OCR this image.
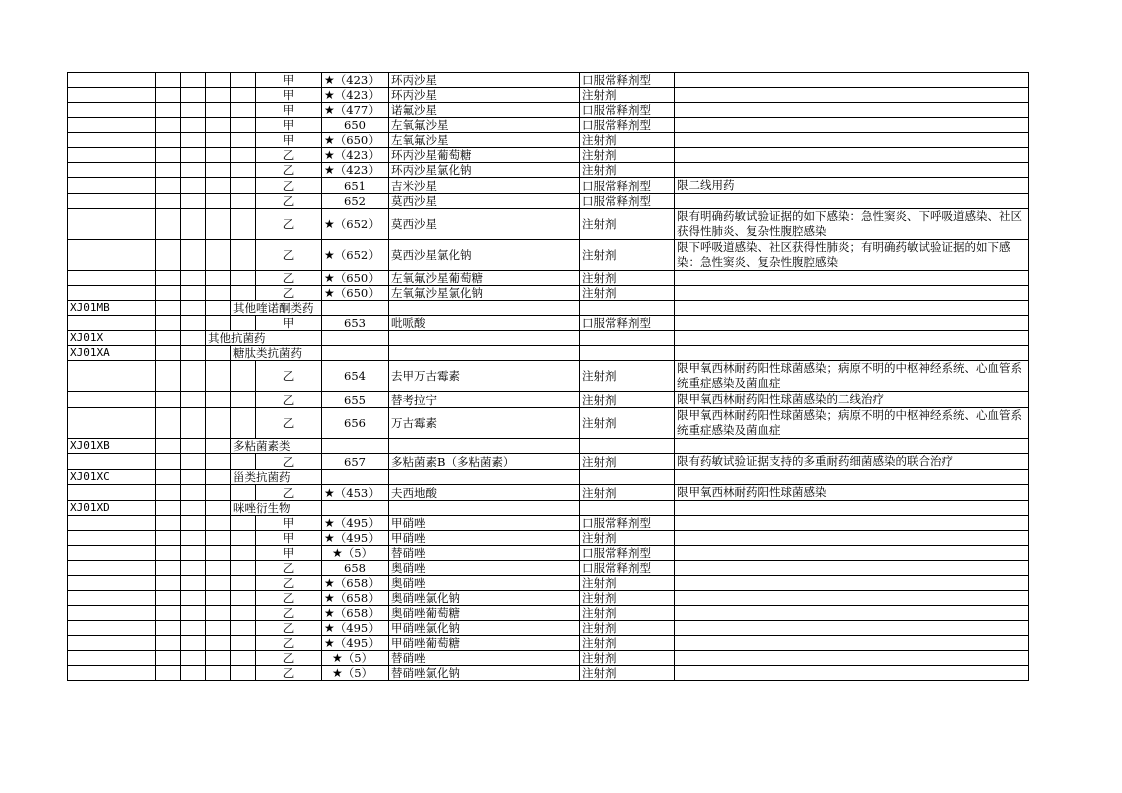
					甲	★（423）	环丙沙星	口服常释剂型	
					甲	★（423）	环丙沙星	注射剂	
					甲	★（477）	诺氟沙星	口服常释剂型	
					甲	650	左氧氟沙星	口服常释剂型	
					甲	★（650）	左氧氟沙星	注射剂	
					乙	★（423）	环丙沙星葡萄糖	注射剂	
					乙	★（423）	环丙沙星氯化钠	注射剂	
					乙	651	吉米沙星	口服常释剂型	限二线用药
					乙	652	莫西沙星	口服常释剂型	
					乙	★（652）	莫西沙星	注射剂	限有明确药敏试验证据的如下感染：急性窦炎、下呼吸道感染、社区获得性肺炎、复杂性腹腔感染
					乙	★（652）	莫西沙星氯化钠	注射剂	限下呼吸道感染、社区获得性肺炎；有明确药敏试验证据的如下感染：急性窦炎、复杂性腹腔感染
					乙	★（650）	左氧氟沙星葡萄糖	注射剂	
					乙	★（650）	左氧氟沙星氯化钠	注射剂	
XJ01MB				其他喹诺酮类药					
					甲	653	吡哌酸	口服常释剂型	
XJ01X			其他抗菌药						
XJ01XA				糖肽类抗菌药					
					乙	654	去甲万古霉素	注射剂	限甲氧西林耐药阳性球菌感染；病原不明的中枢神经系统、心血管系统重症感染及菌血症
					乙	655	替考拉宁	注射剂	限甲氧西林耐药阳性球菌感染的二线治疗
					乙	656	万古霉素	注射剂	限甲氧西林耐药阳性球菌感染；病原不明的中枢神经系统、心血管系统重症感染及菌血症
XJ01XB				多粘菌素类					
					乙	657	多粘菌素B（多粘菌素）	注射剂	限有药敏试验证据支持的多重耐药细菌感染的联合治疗
XJ01XC				甾类抗菌药					
					乙	★（453）	夫西地酸	注射剂	限甲氧西林耐药阳性球菌感染
XJ01XD				咪唑衍生物					
					甲	★（495）	甲硝唑	口服常释剂型	
					甲	★（495）	甲硝唑	注射剂	
					甲	★（5）	替硝唑	口服常释剂型	
					乙	658	奥硝唑	口服常释剂型	
					乙	★（658）	奥硝唑	注射剂	
					乙	★（658）	奥硝唑氯化钠	注射剂	
					乙	★（658）	奥硝唑葡萄糖	注射剂	
					乙	★（495）	甲硝唑氯化钠	注射剂	
					乙	★（495）	甲硝唑葡萄糖	注射剂	
					乙	★（5）	替硝唑	注射剂	
					乙	★（5）	替硝唑氯化钠	注射剂	
